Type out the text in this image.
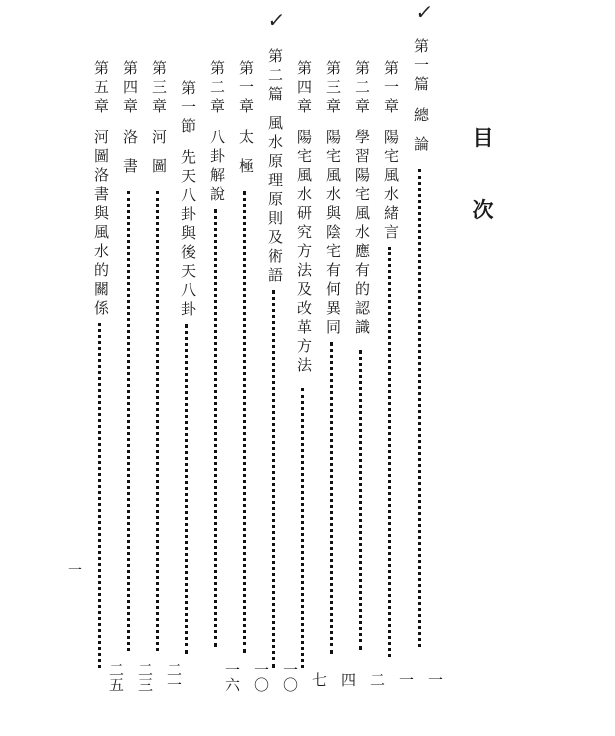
✓
✓
目
次
第一篇
總論
一
第一章
陽宅風水緒言
一
第二章
學習陽宅風水應有的認識
二
第三章
陽宅風水與陰宅有何異同
四
第四章
陽宅風水研究方法及改革方法
七
第二篇
風水原理原則及術語
一〇
第一章
太極
一〇
第二章
八卦解說
一六
第一節
先天八卦與後天八卦
第三章
河圖
二一
第四章
洛書
二三
第五章
河圖洛書與風水的關係
二五
一
